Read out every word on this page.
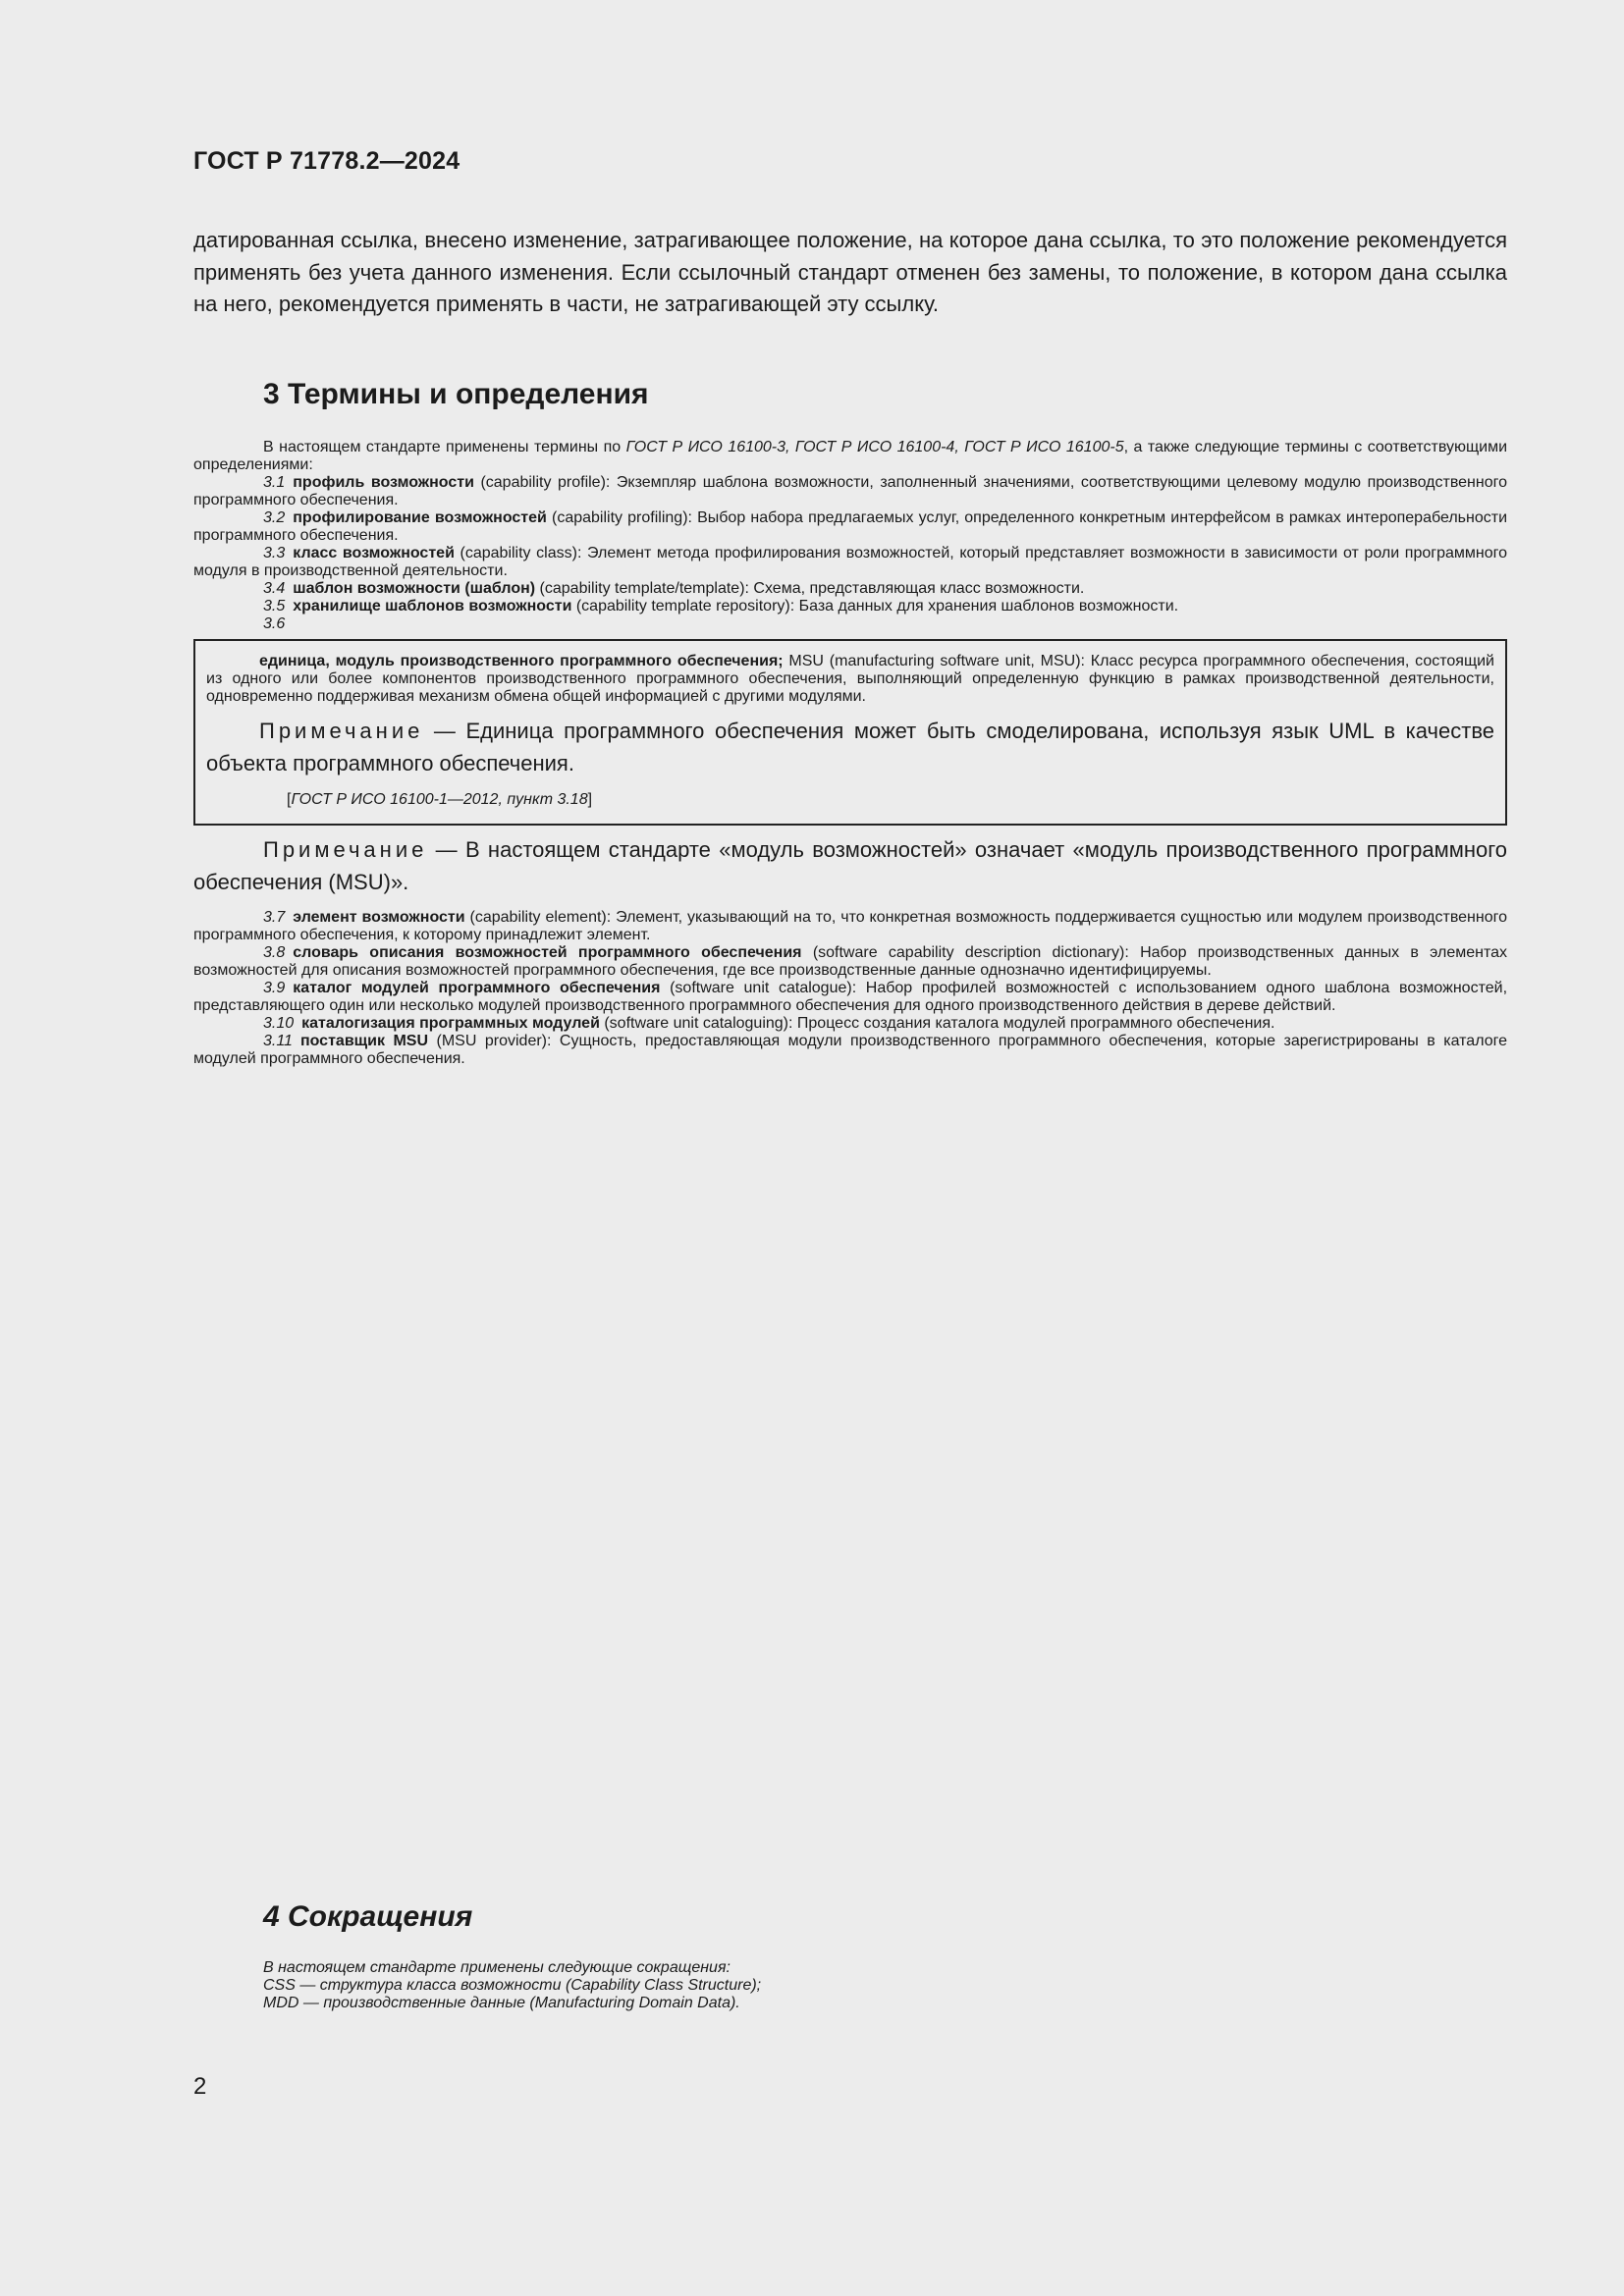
ГОСТ Р 71778.2—2024

датированная ссылка, внесено изменение, затрагивающее положение, на которое дана ссылка, то это положение рекомендуется применять без учета данного изменения. Если ссылочный стандарт отменен без замены, то положение, в котором дана ссылка на него, рекомендуется применять в части, не затрагивающей эту ссылку.

3 Термины и определения

В настоящем стандарте применены термины по ГОСТ Р ИСО 16100-3, ГОСТ Р ИСО 16100-4, ГОСТ Р ИСО 16100-5, а также следующие термины с соответствующими определениями:

3.1  профиль возможности (capability profile): Экземпляр шаблона возможности, заполненный значениями, соответствующими целевому модулю производственного программного обеспечения.

3.2  профилирование возможностей (capability profiling): Выбор набора предлагаемых услуг, определенного конкретным интерфейсом в рамках интероперабельности программного обеспечения.

3.3  класс возможностей (capability class): Элемент метода профилирования возможностей, который представляет возможности в зависимости от роли программного модуля в производственной деятельности.

3.4  шаблон возможности (шаблон) (capability template/template): Схема, представляющая класс возможности.

3.5  хранилище шаблонов возможности (capability template repository): База данных для хранения шаблонов возможности.

3.6

единица, модуль производственного программного обеспечения; MSU (manufacturing software unit, MSU): Класс ресурса программного обеспечения, состоящий из одного или более компонентов производственного программного обеспечения, выполняющий определенную функцию в рамках производственной деятельности, одновременно поддерживая механизм обмена общей информацией с другими модулями.

Примечание — Единица программного обеспечения может быть смоделирована, используя язык UML в качестве объекта программного обеспечения.

[ГОСТ Р ИСО 16100-1—2012, пункт 3.18]

Примечание — В настоящем стандарте «модуль возможностей» означает «модуль производственного программного обеспечения (MSU)».

3.7  элемент возможности (capability element): Элемент, указывающий на то, что конкретная возможность поддерживается сущностью или модулем производственного программного обеспечения, к которому принадлежит элемент.

3.8  словарь описания возможностей программного обеспечения (software capability description dictionary): Набор производственных данных в элементах возможностей для описания возможностей программного обеспечения, где все производственные данные однозначно идентифицируемы.

3.9  каталог модулей программного обеспечения (software unit catalogue): Набор профилей возможностей с использованием одного шаблона возможностей, представляющего один или несколько модулей производственного программного обеспечения для одного производственного действия в дереве действий.

3.10  каталогизация программных модулей (software unit cataloguing): Процесс создания каталога модулей программного обеспечения.

3.11  поставщик MSU (MSU provider): Сущность, предоставляющая модули производственного программного обеспечения, которые зарегистрированы в каталоге модулей программного обеспечения.

4 Сокращения

В настоящем стандарте применены следующие сокращения:

CSS — структура класса возможности (Capability Class Structure);

MDD — производственные данные (Manufacturing Domain Data).

2
